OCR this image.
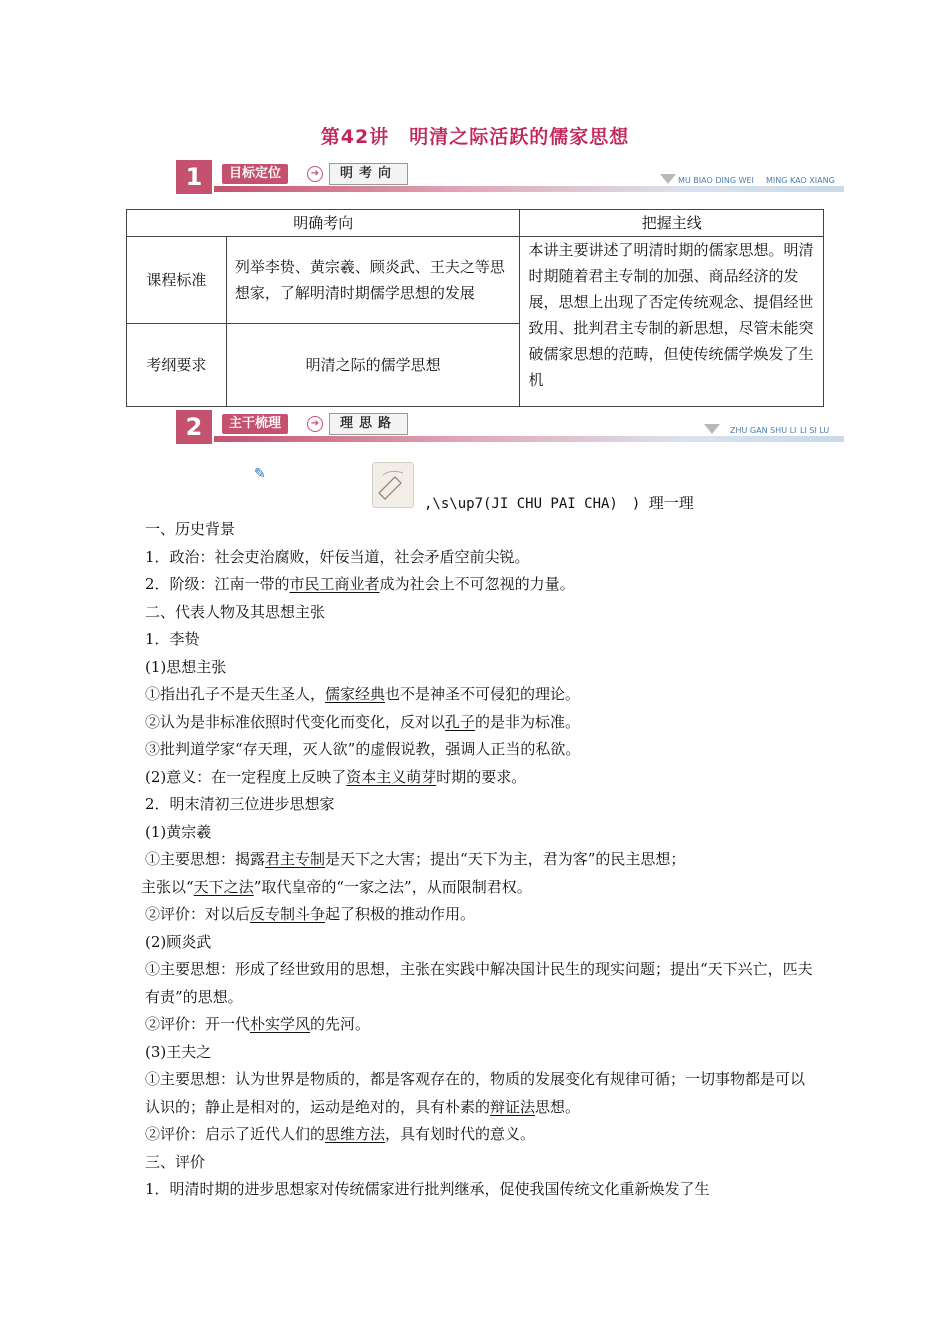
第42讲　明清之际活跃的儒家思想
1	目标定位	➔	明考向	MU BIAO DING WEI MING KAO XIANG
明确考向		把握主线
课程标准	列举李贽、黄宗羲、顾炎武、王夫之等思想家，了解明清时期儒学思想的发展	本讲主要讲述了明清时期的儒家思想。明清时期随着君主专制的加强、商品经济的发展，思想上出现了否定传统观念、提倡经世致用、批判君主专制的新思想，尽管未能突破儒家思想的范畴，但使传统儒学焕发了生机
考纲要求	明清之际的儒学思想	
2	主干梳理	➔	理思路	ZHU GAN SHU LI LI SI LU
✎
,\s\up7(JI CHU PAI CHA)　) 理一理

一、历史背景

1．政治：社会吏治腐败，奸佞当道，社会矛盾空前尖锐。

2．阶级：江南一带的市民工商业者成为社会上不可忽视的力量。

二、代表人物及其思想主张

1．李贽

(1)思想主张

①指出孔子不是天生圣人，儒家经典也不是神圣不可侵犯的理论。

②认为是非标准依照时代变化而变化，反对以孔子的是非为标准。

③批判道学家“存天理，灭人欲”的虚假说教，强调人正当的私欲。

(2)意义：在一定程度上反映了资本主义萌芽时期的要求。

2．明末清初三位进步思想家

(1)黄宗羲

①主要思想：揭露君主专制是天下之大害；提出“天下为主，君为客”的民主思想；

主张以“天下之法”取代皇帝的“一家之法”，从而限制君权。

②评价：对以后反专制斗争起了积极的推动作用。

(2)顾炎武

①主要思想：形成了经世致用的思想，主张在实践中解决国计民生的现实问题；提出“天下兴亡，匹夫有责”的思想。

②评价：开一代朴实学风的先河。

(3)王夫之

①主要思想：认为世界是物质的，都是客观存在的，物质的发展变化有规律可循；一切事物都是可以认识的；静止是相对的，运动是绝对的，具有朴素的辩证法思想。

②评价：启示了近代人们的思维方法，具有划时代的意义。

三、评价

1．明清时期的进步思想家对传统儒家进行批判继承，促使我国传统文化重新焕发了生
